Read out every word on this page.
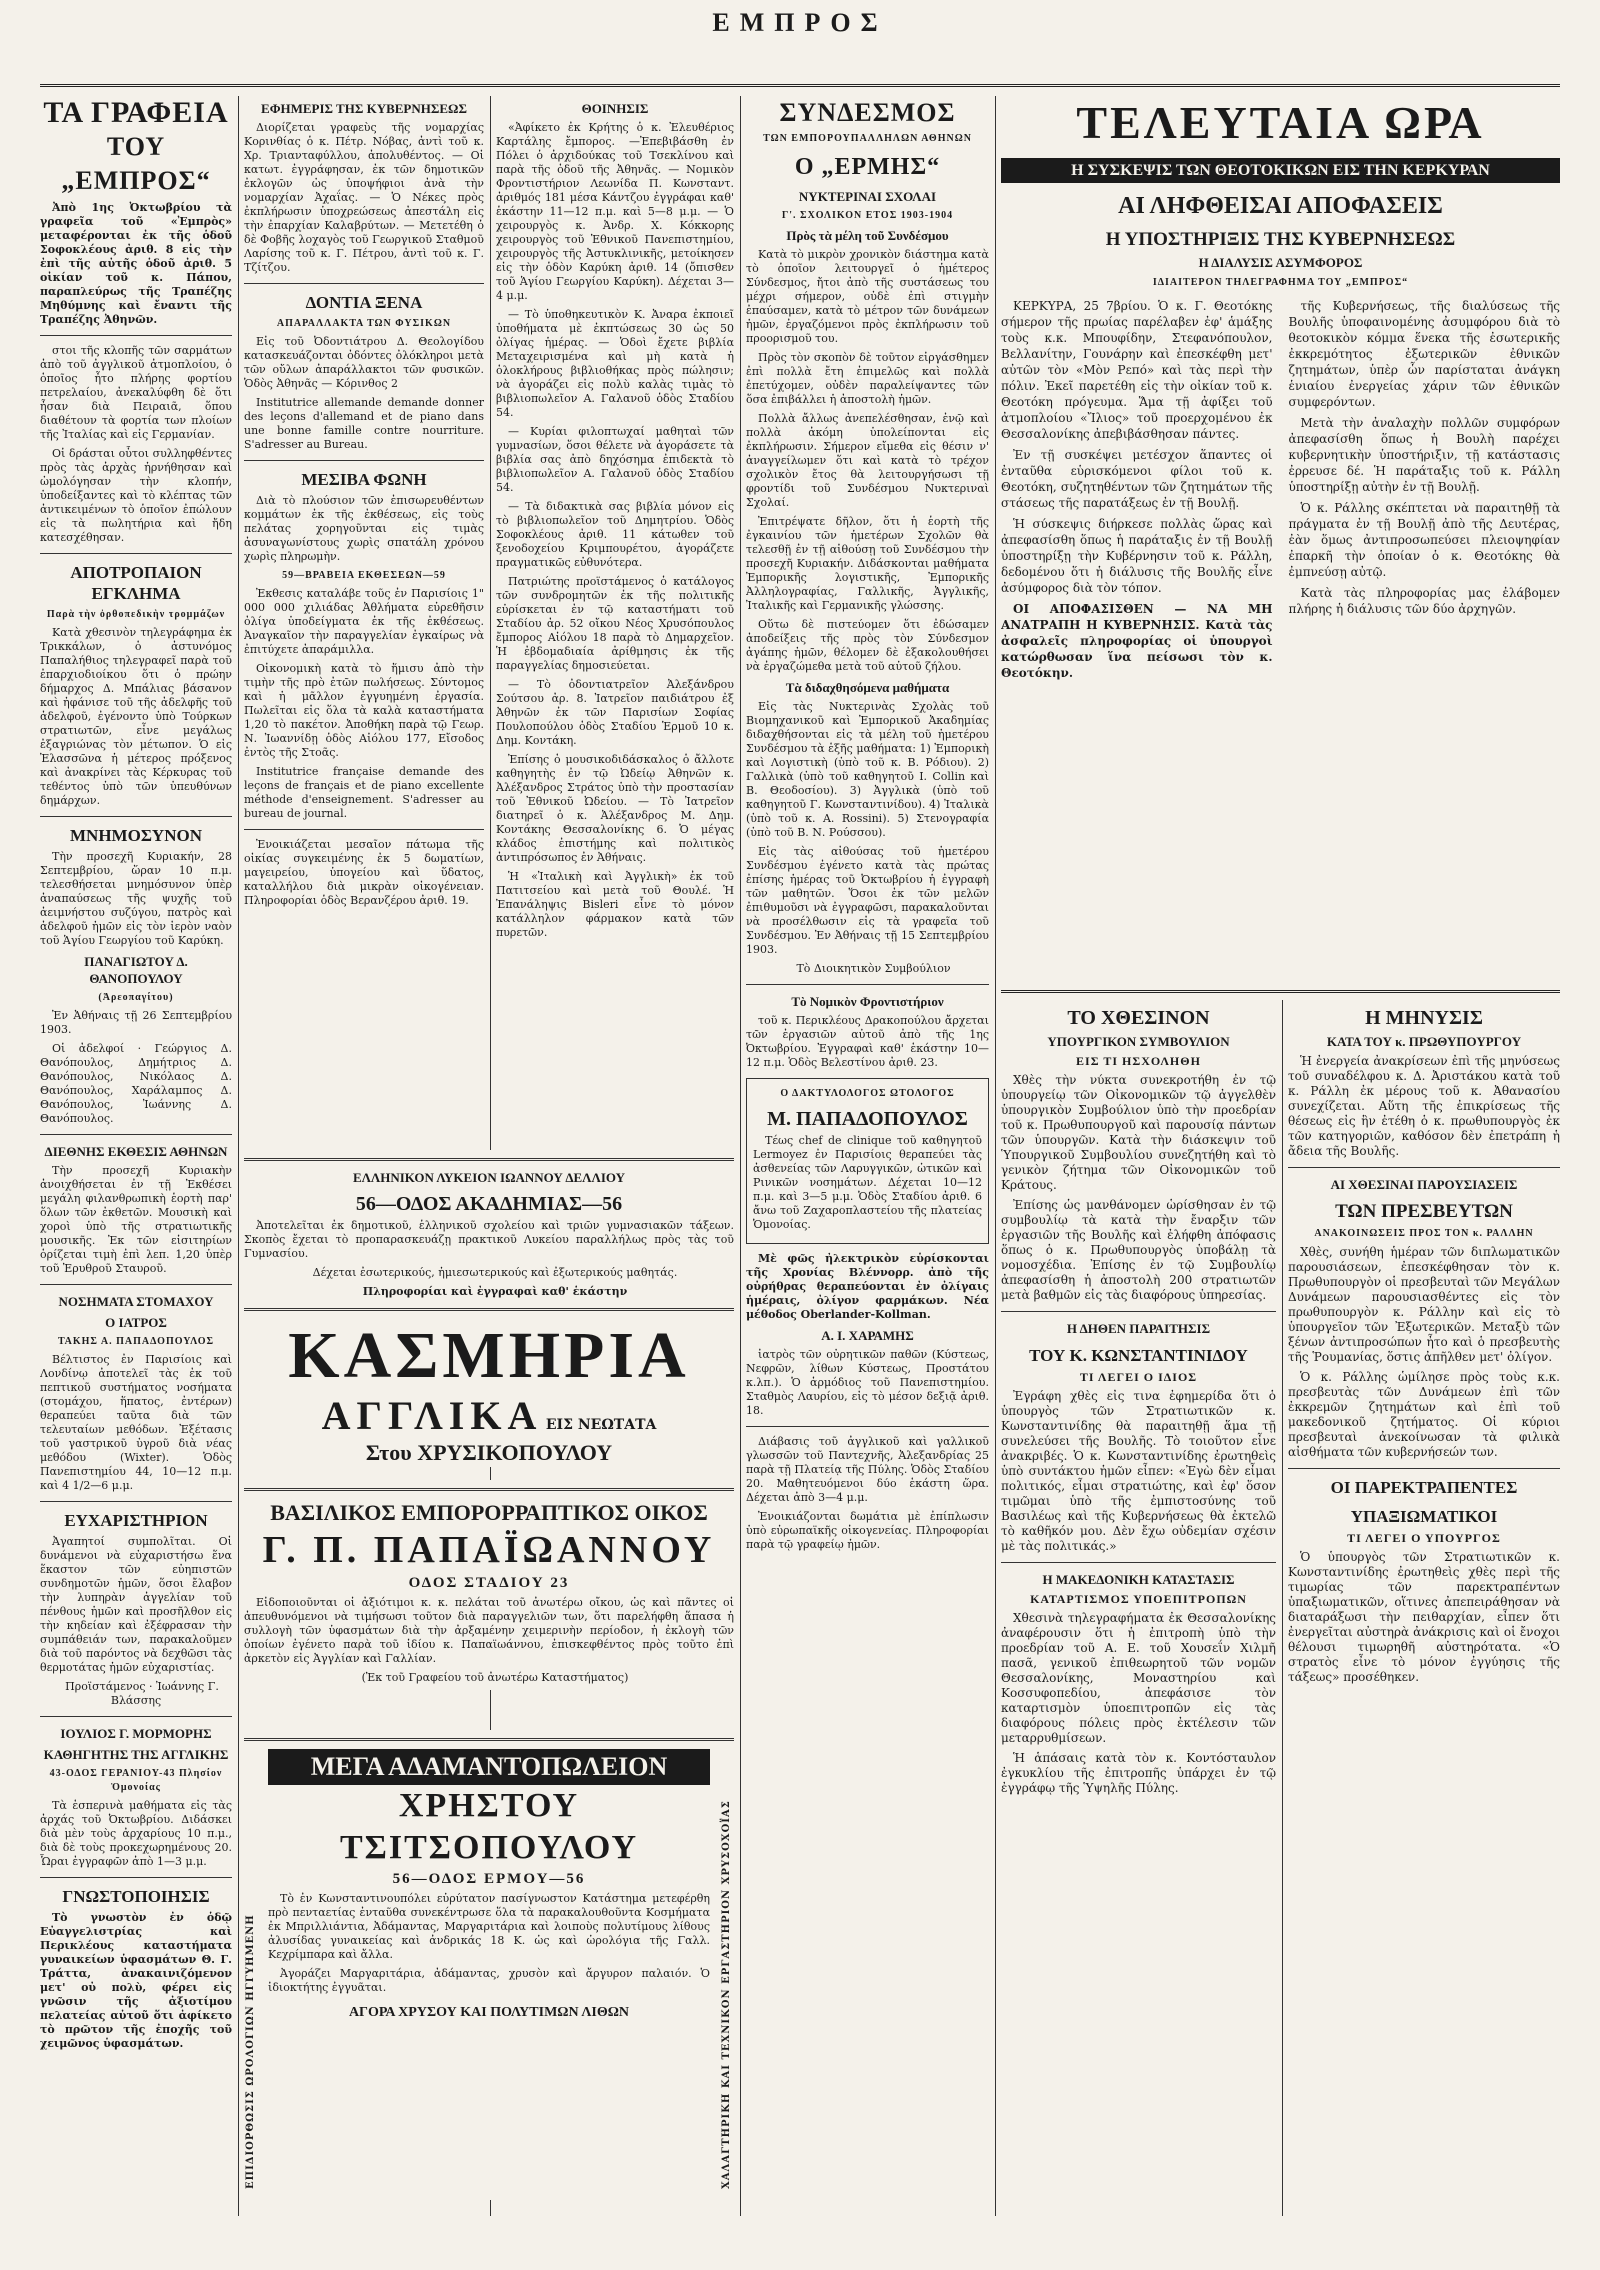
ΕΜΠΡΟΣ
ΤΑ ΓΡΑΦΕΙΑ
ΤΟΥ „ΕΜΠΡΟΣ“

Ἀπὸ 1ης Ὀκτωβρίου τὰ γραφεῖα τοῦ «Ἐμπρὸς» μεταφέρονται ἐκ τῆς ὁδοῦ Σοφοκλέους ἀριθ. 8 εἰς τὴν ἐπὶ τῆς αὐτῆς ὁδοῦ ἀριθ. 5 οἰκίαν τοῦ κ. Πάπου, παραπλεύρως τῆς Τραπέζης Μηθύμνης καὶ ἔναντι τῆς Τραπέζης Ἀθηνῶν.

στοι τῆς κλοπῆς τῶν σαρμάτων ἀπὸ τοῦ ἀγγλικοῦ ἀτμοπλοίου, ὁ ὁποῖος ἦτο πλήρης φορτίου πετρελαίου, ἀνεκαλύφθη δὲ ὅτι ἦσαν διὰ Πειραιᾶ, ὅπου διαθέτουν τὰ φορτία των πλοίων τῆς Ἰταλίας καὶ εἰς Γερμανίαν.

Οἱ δράσται οὗτοι συλληφθέντες πρὸς τὰς ἀρχὰς ἡρνήθησαν καὶ ὡμολόγησαν τὴν κλοπήν, ὑποδείξαντες καὶ τὸ κλέπτας τῶν ἀντικειμένων τὸ ὁποῖον ἐπώλουν εἰς τὰ πωλητήρια καὶ ἤδη κατεσχέθησαν.

ΑΠΟΤΡΟΠΑΙΟΝ ΕΓΚΛΗΜΑ
Παρὰ τὴν ὀρθοπεδικὴν τρομμάζων

Κατὰ χθεσινὸν τηλεγράφημα ἐκ Τρικκάλων, ὁ ἀστυνόμος Παπαλήθιος τηλεγραφεῖ παρὰ τοῦ ἐπαρχιοδιοίκου ὅτι ὁ πρώην δήμαρχος Δ. Μπάλιας βάσανον καὶ ἠφάνισε τοῦ τῆς ἀδελφῆς τοῦ ἀδελφοῦ, ἐγένοντο ὑπὸ Τούρκων στρατιωτῶν, εἶνε μεγάλως ἐξαγριώνας τὸν μέτωπον. Ὁ εἰς Ἐλασσῶνα ἡ μέτερος πρόξενος καὶ ἀνακρίνει τὰς Κέρκυρας τοῦ τεθέντος ὑπὸ τῶν ὑπευθύνων δημάρχων.

ΜΝΗΜΟΣΥΝΟΝ

Τὴν προσεχῆ Κυριακήν, 28 Σεπτεμβρίου, ὥραν 10 π.μ. τελεσθήσεται μνημόσυνον ὑπὲρ ἀναπαύσεως τῆς ψυχῆς τοῦ ἀειμνήστου συζύγου, πατρὸς καὶ ἀδελφοῦ ἡμῶν εἰς τὸν ἱερὸν ναὸν τοῦ Ἁγίου Γεωργίου τοῦ Καρύκη.

ΠΑΝΑΓΙΩΤΟΥ Δ. ΘΑΝΟΠΟΥΛΟΥ
(Ἀρεοπαγίτου)

Ἐν Ἀθήναις τῇ 26 Σεπτεμβρίου 1903.

Οἱ ἀδελφοί · Γεώργιος Δ. Θανόπουλος, Δημήτριος Δ. Θανόπουλος, Νικόλαος Δ. Θανόπουλος, Χαράλαμπος Δ. Θανόπουλος, Ἰωάννης Δ. Θανόπουλος.

ΔΙΕΘΝΗΣ ΕΚΘΕΣΙΣ ΑΘΗΝΩΝ

Τὴν προσεχῆ Κυριακὴν ἀνοιχθήσεται ἐν τῇ Ἐκθέσει μεγάλη φιλανθρωπικὴ ἑορτὴ παρ' ὅλων τῶν ἐκθετῶν. Μουσικὴ καὶ χοροὶ ὑπὸ τῆς στρατιωτικῆς μουσικῆς. Ἐκ τῶν εἰσιτηρίων ὁρίζεται τιμὴ ἐπὶ λεπ. 1,20 ὑπὲρ τοῦ Ἐρυθροῦ Σταυροῦ.

ΝΟΣΗΜΑΤΑ ΣΤΟΜΑΧΟΥ
Ο ΙΑΤΡΟΣ
ΤΑΚΗΣ Α. ΠΑΠΑΔΟΠΟΥΛΟΣ

Βέλτιστος ἐν Παρισίοις καὶ Λονδίνῳ ἀποτελεῖ τὰς ἐκ τοῦ πεπτικοῦ συστήματος νοσήματα (στομάχου, ἥπατος, ἐντέρων) θεραπεύει ταῦτα διὰ τῶν τελευταίων μεθόδων. Ἐξέτασις τοῦ γαστρικοῦ ὑγροῦ διὰ νέας μεθόδου (Wixter). Ὁδὸς Πανεπιστημίου 44, 10—12 π.μ. καὶ 4 1/2—6 μ.μ.

ΕΥΧΑΡΙΣΤΗΡΙΟΝ

Ἀγαπητοί συμπολῖται. Οἱ δυνάμενοι νὰ εὐχαριστήσω ἕνα ἕκαστον τῶν εὐηπιστῶν συνδημοτῶν ἡμῶν, ὅσοι ἔλαβον τὴν λυπηρὰν ἀγγελίαν τοῦ πένθους ἡμῶν καὶ προσῆλθον εἰς τὴν κηδείαν καὶ ἐξέφρασαν τὴν συμπάθειάν των, παρακαλοῦμεν διὰ τοῦ παρόντος νὰ δεχθῶσι τὰς θερμοτάτας ἡμῶν εὐχαριστίας.

Προϊστάμενος · Ἰωάννης Γ. Βλάσσης

ΙΟΥΛΙΟΣ Γ. ΜΟΡΜΟΡΗΣ
ΚΑΘΗΓΗΤΗΣ ΤΗΣ ΑΓΓΛΙΚΗΣ
43-ΟΔΟΣ ΓΕΡΑΝΙΟΥ-43 Πλησίον Ὁμονοίας

Τὰ ἑσπερινὰ μαθήματα εἰς τὰς ἀρχάς τοῦ Ὀκτωβρίου. Διδάσκει διὰ μὲν τοὺς ἀρχαρίους 10 π.μ., διὰ δὲ τοὺς προκεχωρημένους 20. Ὧραι ἐγγραφῶν ἀπὸ 1—3 μ.μ.

ΓΝΩΣΤΟΠΟΙΗΣΙΣ

Τὸ γνωστὸν ἐν ὁδῷ Εὐαγγελιστρίας καὶ Περικλέους καταστήματα γυναικείων ὑφασμάτων Θ. Γ. Τράττα, ἀνακαινιζόμενον μετ' οὐ πολὺ, φέρει εἰς γνῶσιν τῆς ἀξιοτίμου πελατείας αὐτοῦ ὅτι ἀφίκετο τὸ πρῶτον τῆς ἐποχῆς τοῦ χειμῶνος ὑφασμάτων.

ΕΦΗΜΕΡΙΣ ΤΗΣ ΚΥΒΕΡΝΗΣΕΩΣ

Διορίζεται γραφεὺς τῆς νομαρχίας Κορινθίας ὁ κ. Πέτρ. Νόβας, ἀντὶ τοῦ κ. Χρ. Τριανταφύλλου, ἀπολυθέντος. — Οἱ κατωτ. ἐγγράφησαν, ἐκ τῶν δημοτικῶν ἐκλογῶν ὡς ὑποψήφιοι ἀνὰ τὴν νομαρχίαν Ἀχαΐας. — Ὁ Νέκες πρὸς ἐκπλήρωσιν ὑποχρεώσεως ἀπεστάλη εἰς τὴν ἐπαρχίαν Καλαβρύτων. — Μετετέθη ὁ δὲ Φοβῆς λοχαγὸς τοῦ Γεωργικοῦ Σταθμοῦ Λαρίσης τοῦ κ. Γ. Πέτρου, ἀντὶ τοῦ κ. Γ. Τζίτζου.

ΔΟΝΤΙΑ ΞΕΝΑ
ΑΠΑΡΑΛΛΑΚΤΑ ΤΩΝ ΦΥΣΙΚΩΝ

Εἰς τοῦ Ὀδοντιάτρου Δ. Θεολογίδου κατασκευάζονται ὀδόντες ὀλόκληροι μετὰ τῶν οὔλων ἀπαράλλακτοι τῶν φυσικῶν. Ὁδὸς Ἀθηνᾶς — Κόρινθος 2

Institutrice allemande demande donner des leçons d'allemand et de piano dans une bonne famille contre nourriture. S'adresser au Bureau.

ΜΕΣΙΒΑ ΦΩΝΗ

Διὰ τὸ πλούσιον τῶν ἐπισωρευθέντων κομμάτων ἐκ τῆς ἐκθέσεως, εἰς τοὺς πελάτας χορηγοῦνται εἰς τιμὰς ἀσυναγωνίστους χωρὶς σπατάλη χρόνου χωρὶς πληρωμὴν.

59—ΒΡΑΒΕΙΑ ΕΚΘΕΣΕΩΝ—59

Ἐκθεσις καταλάβε τοῦς ἐν Παρισίοις 1" 000 000 χιλιάδας Ἀθλήματα εὐρεθῆσιν ὀλίγα ὑποδείγματα ἐκ τῆς ἐκθέσεως. Ἀναγκαῖον τὴν παραγγελίαν ἐγκαίρως νὰ ἐπιτύχετε ἀπαράμιλλα.

Οἰκονομικὴ κατὰ τὸ ἥμισυ ἀπὸ τὴν τιμὴν τῆς πρὸ ἐτῶν πωλήσεως. Σύντομος καὶ ἡ μᾶλλον ἐγγυημένη ἐργασία. Πωλεῖται εἰς ὅλα τὰ καλὰ καταστήματα 1,20 τὸ πακέτον. Ἀποθήκη παρὰ τῷ Γεωρ. Ν. Ἰωαννίδῃ ὁδὸς Αἰόλου 177, Εἴσοδος ἐντὸς τῆς Στοᾶς.

Institutrice française demande des leçons de français et de piano excellente méthode d'enseignement. S'adresser au bureau de journal.

Ἐνοικιάζεται μεσαῖον πάτωμα τῆς οἰκίας συγκειμένης ἐκ 5 δωματίων, μαγειρείου, ὑπογείου καὶ ὕδατος, καταλλήλου διὰ μικρὰν οἰκογένειαν. Πληροφορίαι ὁδὸς Βερανζέρου ἀριθ. 19.

ΘΟΙΝΗΣΙΣ

«Ἀφίκετο ἐκ Κρήτης ὁ κ. Ἐλευθέριος Καρτάλης ἔμπορος. —Ἐπεβιβάσθη ἐν Πόλει ὁ ἀρχιδούκας τοῦ Τσεκλίνου καὶ παρὰ τῆς ὁδοῦ τῆς Ἀθηνᾶς. — Νομικὸν Φροντιστήριον Λεωνίδα Π. Κωνσταντ. ἀριθμός 181 μέσα Κάντζου ἐγγράφαι καθ' ἑκάστην 11—12 π.μ. καὶ 5—8 μ.μ. — Ὁ χειρουργὸς κ. Ἀνδρ. Χ. Κόκκορης χειρουργὸς τοῦ Ἑθνικοῦ Πανεπιστημίου, χειρουργὸς τῆς Ἀστυκλινικῆς, μετοίκησεν εἰς τὴν ὁδὸν Καρύκη ἀριθ. 14 (ὄπισθεν τοῦ Ἁγίου Γεωργίου Καρύκη). Δέχεται 3—4 μ.μ.

— Τὸ ὑποθηκευτικὸν Κ. Ἀναρα ἐκποιεῖ ὑποθήματα μὲ ἐκπτώσεως 30 ὡς 50 ὀλίγας ἡμέρας. — Ὁδοὶ ἔχετε βιβλία Μεταχειρισμένα καὶ μὴ κατὰ ἡ ὁλοκλήρους βιβλιοθήκας πρὸς πώλησιν; νὰ ἀγοράζει εἰς πολὺ καλὰς τιμὰς τὸ βιβλιοπωλεῖον Α. Γαλανοῦ ὁδὸς Σταδίου 54.

— Κυρίαι φιλοπτωχαί μαθηταὶ τῶν γυμνασίων, ὅσοι θέλετε νὰ ἀγοράσετε τὰ βιβλία σας ἀπὸ δηχόσημα ἐπιδεκτὰ τὸ βιβλιοπωλεῖον Α. Γαλανοῦ ὁδὸς Σταδίου 54.

— Τὰ διδακτικὰ σας βιβλία μόνον εἰς τὸ βιβλιοπωλεῖον τοῦ Δημητρίου. Ὁδὸς Σοφοκλέους ἀριθ. 11 κάτωθεν τοῦ ξενοδοχείου Κριμπουρέτου, ἀγοράζετε πραγματικῶς εὐθυνότερα.

Πατριώτης προϊστάμενος ὁ κατάλογος τῶν συνδρομητῶν ἐκ τῆς πολιτικῆς εὐρίσκεται ἐν τῷ καταστήματι τοῦ Σταδίου ἀρ. 52 οἴκου Νέος Χρυσόπουλος ἔμπορος Αἰόλου 18 παρὰ τὸ Δημαρχεῖον. Ἡ ἐβδομαδιαία ἀρίθμησις ἐκ τῆς παραγγελίας δημοσιεύεται.

— Τὸ ὀδοντιατρεῖον Ἀλεξάνδρου Σούτσου ἀρ. 8. Ἰατρεῖον παιδιάτρου ἐξ Ἀθηνῶν ἐκ τῶν Παρισίων Σοφίας Πουλοπούλου ὁδὸς Σταδίου Ἑρμοῦ 10 κ. Δημ. Κοντάκη.

Ἐπίσης ὁ μουσικοδιδάσκαλος ὁ ἄλλοτε καθηγητὴς ἐν τῷ Ὠδείῳ Ἀθηνῶν κ. Ἀλέξανδρος Στράτος ὑπὸ τὴν προστασίαν τοῦ Ἐθνικοῦ Ὠδείου. — Τὸ Ἰατρεῖον διατηρεῖ ὁ κ. Ἀλέξανδρος Μ. Δημ. Κοντάκης Θεσσαλονίκης 6. Ὁ μέγας κλάδος ἐπιστήμης καὶ πολιτικὸς ἀντιπρόσωπος ἐν Ἀθήναις.

Ἡ «Ἰταλικὴ καὶ Ἀγγλικὴ» ἐκ τοῦ Πατιτσείου καὶ μετὰ τοῦ Θουλέ. Ἡ Ἐπανάληψις Bisleri εἶνε τὸ μόνον κατάλληλον φάρμακον κατὰ τῶν πυρετῶν.

ΕΛΛΗΝΙΚΟΝ ΛΥΚΕΙΟΝ ΙΩΑΝΝΟΥ ΔΕΛΛΙΟΥ
56—ΟΔΟΣ ΑΚΑΔΗΜΙΑΣ—56

Ἀποτελεῖται ἐκ δημοτικοῦ, ἑλληνικοῦ σχολείου καὶ τριῶν γυμνασιακῶν τάξεων. Σκοπὸς ἔχεται τὸ προπαρασκευάζῃ πρακτικοῦ Λυκείου παραλλήλως πρὸς τὰς τοῦ Γυμνασίου.

Δέχεται ἐσωτερικούς, ἡμιεσωτερικούς καὶ ἐξωτερικούς μαθητάς.

Πληροφορίαι καὶ ἐγγραφαὶ καθ' ἑκάστην

ΚΑΣΜΗΡΙΑ
ΑΓΓΛΙΚΑ ΕΙΣ ΝΕΩΤΑΤΑ
Στου ΧΡΥΣΙΚΟΠΟΥΛΟΥ
ΒΑΣΙΛΙΚΟΣ ΕΜΠΟΡΟΡΡΑΠΤΙΚΟΣ ΟΙΚΟΣ
Γ. Π. ΠΑΠΑΪΩΑΝΝΟΥ
ΟΔΟΣ ΣΤΑΔΙΟΥ 23

Εἰδοποιοῦνται οἱ ἀξιότιμοι κ. κ. πελάται τοῦ ἀνωτέρω οἴκου, ὡς καὶ πᾶντες οἱ ἀπευθυνόμενοι νὰ τιμήσωσι τοῦτον διὰ παραγγελιῶν των, ὅτι παρελήφθη ἅπασα ἡ συλλογὴ τῶν ὑφασμάτων διὰ τὴν ἀρξαμένην χειμερινὴν περίοδον, ἡ ἐκλογὴ τῶν ὁποίων ἐγένετο παρὰ τοῦ ἰδίου κ. Παπαϊωάννου, ἐπισκεφθέντος πρὸς τοῦτο ἐπὶ ἀρκετὸν εἰς Ἀγγλίαν καὶ Γαλλίαν.

(Ἐκ τοῦ Γραφείου τοῦ ἀνωτέρω Καταστήματος)

ΕΠΙΔΙΟΡΘΩΣΙΣ ΩΡΟΛΟΓΙΩΝ ΗΓΓΥΗΜΕΝΗ	ΧΑΛΑΓΤΗΡΙΚΗ ΚΑΙ ΤΕΧΝΙΚΟΝ ΕΡΓΑΣΤΗΡΙΟΝ ΧΡΥΣΟΧΟΪΑΣ
ΜΕΓΑ ΑΔΑΜΑΝΤΟΠΩΛΕΙΟΝ
ΧΡΗΣΤΟΥ ΤΣΙΤΣΟΠΟΥΛΟΥ
56—ΟΔΟΣ ΕΡΜΟΥ—56

Τὸ ἐν Κωνσταντινουπόλει εὐρύτατον πασίγνωστον Κατάστημα μετεφέρθη πρὸ πενταετίας ἐνταῦθα συνεκέντρωσε ὅλα τὰ παρακαλουθοῦντα Κοσμήματα ἐκ Μπριλλιάντια, Ἀδάμαντας, Μαργαριτάρια καὶ λοιποὺς πολυτίμους λίθους ἀλυσίδας γυναικείας καὶ ἀνδρικάς 18 Κ. ὡς καὶ ὡρολόγια τῆς Γαλλ. Κεχρίμπαρα καὶ ἄλλα.

Ἀγοράζει Μαργαριτάρια, ἀδάμαντας, χρυσὸν καὶ ἄργυρον παλαιόν. Ὁ ἰδιοκτήτης ἐγγυᾶται.

ΑΓΟΡΑ ΧΡΥΣΟΥ ΚΑΙ ΠΟΛΥΤΙΜΩΝ ΛΙΘΩΝ
ΣΥΝΔΕΣΜΟΣ
ΤΩΝ ΕΜΠΟΡΟΥΠΑΛΛΗΛΩΝ ΑΘΗΝΩΝ
Ο „ΕΡΜΗΣ“
ΝΥΚΤΕΡΙΝΑΙ ΣΧΟΛΑΙ
Γ'. ΣΧΟΛΙΚΟΝ ΕΤΟΣ 1903-1904
Πρὸς τὰ μέλη τοῦ Συνδέσμου

Κατὰ τὸ μικρὸν χρονικὸν διάστημα κατὰ τὸ ὁποῖον λειτουργεῖ ὁ ἡμέτερος Σύνδεσμος, ἤτοι ἀπὸ τῆς συστάσεως του μέχρι σήμερον, οὐδὲ ἐπὶ στιγμὴν ἐπαύσαμεν, κατὰ τὸ μέτρον τῶν δυνάμεων ἡμῶν, ἐργαζόμενοι πρὸς ἐκπλήρωσιν τοῦ προορισμοῦ του.

Πρὸς τὸν σκοπὸν δὲ τοῦτον εἰργάσθημεν ἐπὶ πολλὰ ἔτη ἐπιμελῶς καὶ πολλὰ ἐπετύχομεν, οὐδὲν παραλείψαντες τῶν ὅσα ἐπιβάλλει ἡ ἀποστολὴ ἡμῶν.

Πολλὰ ἄλλως ἀνεπελέσθησαν, ἐνῷ καὶ πολλὰ ἀκόμη ὑπολείπονται εἰς ἐκπλήρωσιν. Σήμερον εἴμεθα εἰς θέσιν ν' ἀναγγείλωμεν ὅτι καὶ κατὰ τὸ τρέχον σχολικὸν ἔτος θὰ λειτουργήσωσι τῇ φροντίδι τοῦ Συνδέσμου Νυκτεριναὶ Σχολαί.

Ἐπιτρέψατε δῆλον, ὅτι ἡ ἑορτὴ τῆς ἐγκαινίου τῶν ἡμετέρων Σχολῶν θὰ τελεσθῇ ἐν τῇ αἰθούσῃ τοῦ Συνδέσμου τὴν προσεχῆ Κυριακήν. Διδάσκονται μαθήματα Ἐμπορικῆς λογιστικῆς, Ἐμπορικῆς Ἀλληλογραφίας, Γαλλικῆς, Ἀγγλικῆς, Ἰταλικῆς καὶ Γερμανικῆς γλώσσης.

Οὕτω δὲ πιστεύομεν ὅτι ἐδώσαμεν ἀποδείξεις τῆς πρὸς τὸν Σύνδεσμον ἀγάπης ἡμῶν, θέλομεν δὲ ἐξακολουθήσει νὰ ἐργαζώμεθα μετὰ τοῦ αὐτοῦ ζήλου.

Τὰ διδαχθησόμενα μαθήματα

Εἰς τὰς Νυκτερινὰς Σχολὰς τοῦ Βιομηχανικοῦ καὶ Ἐμπορικοῦ Ἀκαδημίας διδαχθήσονται εἰς τὰ μέλη τοῦ ἡμετέρου Συνδέσμου τὰ ἑξῆς μαθήματα: 1) Ἐμπορικὴ καὶ Λογιστικὴ (ὑπὸ τοῦ κ. Β. Ρόδιου). 2) Γαλλικὰ (ὑπὸ τοῦ καθηγητοῦ Ι. Collin καὶ Β. Θεοδοσίου). 3) Ἀγγλικὰ (ὑπὸ τοῦ καθηγητοῦ Γ. Κωνσταντινίδου). 4) Ἰταλικὰ (ὑπὸ τοῦ κ. A. Rossini). 5) Στενογραφία (ὑπὸ τοῦ Β. Ν. Ρούσσου).

Εἰς τὰς αἰθούσας τοῦ ἡμετέρου Συνδέσμου ἐγένετο κατὰ τὰς πρώτας ἐπίσης ἡμέρας τοῦ Ὀκτωβρίου ἡ ἐγγραφὴ τῶν μαθητῶν. Ὅσοι ἐκ τῶν μελῶν ἐπιθυμοῦσι νὰ ἐγγραφῶσι, παρακαλοῦνται νὰ προσέλθωσιν εἰς τὰ γραφεῖα τοῦ Συνδέσμου. Ἐν Ἀθήναις τῇ 15 Σεπτεμβρίου 1903.

Τὸ Διοικητικὸν Συμβούλιον

Τὸ Νομικὸν Φροντιστήριον

τοῦ κ. Περικλέους Δρακοπούλου ἄρχεται τῶν ἐργασιῶν αὐτοῦ ἀπὸ τῆς 1ης Ὀκτωβρίου. Ἐγγραφαὶ καθ' ἑκάστην 10—12 π.μ. Ὁδὸς Βελεστίνου ἀριθ. 23.

Ο ΔΑΚΤΥΛΟΛΟΓΟΣ ΩΤΟΛΟΓΟΣ
Μ. ΠΑΠΑΔΟΠΟΥΛΟΣ

Τέως chef de clinique τοῦ καθηγητοῦ Lermoyez ἐν Παρισίοις θεραπεύει τὰς ἀσθενείας τῶν Λαρυγγικῶν, ὠτικῶν καὶ Ρινικῶν νοσημάτων. Δέχεται 10—12 π.μ. καὶ 3—5 μ.μ. Ὁδὸς Σταδίου ἀριθ. 6 ἄνω τοῦ Ζαχαροπλαστείου τῆς πλατείας Ὁμονοίας.

Μὲ φῶς ἠλεκτρικὸν εὑρίσκονται τῆς Χρονίας Βλέννορρ. ἀπὸ τῆς οὐρήθρας θεραπεύονται ἐν ὀλίγαις ἡμέραις, ὀλίγον φαρμάκων. Νέα μέθοδος Oberlander-Kollman.

Α. Ι. ΧΑΡΑΜΗΣ

ἰατρὸς τῶν οὐρητικῶν παθῶν (Κύστεως, Νεφρῶν, λίθων Κύστεως, Προστάτου κ.λπ.). Ὁ ἁρμόδιος τοῦ Πανεπιστημίου. Σταθμὸς Λαυρίου, εἰς τὸ μέσον δεξιᾷ ἀριθ. 18.

Διάβασις τοῦ ἀγγλικοῦ καὶ γαλλικοῦ γλωσσῶν τοῦ Παντεχνῆς, Ἀλεξανδρίας 25 παρὰ τῇ Πλατείᾳ τῆς Πύλης. Ὁδὸς Σταδίου 20. Μαθητευόμενοι δύο ἑκάστη ὥρα. Δέχεται ἀπὸ 3—4 μ.μ.

Ἐνοικιάζονται δωμάτια μὲ ἐπίπλωσιν ὑπὸ εὐρωπαϊκῆς οἰκογενείας. Πληροφορίαι παρὰ τῷ γραφείῳ ἡμῶν.

ΤΕΛΕΥΤΑΙΑ ΩΡΑ
Η ΣΥΣΚΕΨΙΣ ΤΩΝ ΘΕΟΤΟΚΙΚΩΝ ΕΙΣ ΤΗΝ ΚΕΡΚΥΡΑΝ
ΑΙ ΛΗΦΘΕΙΣΑΙ ΑΠΟΦΑΣΕΙΣ
Η ΥΠΟΣΤΗΡΙΞΙΣ ΤΗΣ ΚΥΒΕΡΝΗΣΕΩΣ
Η ΔΙΑΛΥΣΙΣ ΑΣΥΜΦΟΡΟΣ
ΙΔΙΑΙΤΕΡΟΝ ΤΗΛΕΓΡΑΦΗΜΑ ΤΟΥ „ΕΜΠΡΟΣ“

ΚΕΡΚΥΡΑ, 25 7βρίου. Ὁ κ. Γ. Θεοτόκης σήμερον τῆς πρωίας παρέλαβεν ἐφ' ἁμάξης τοὺς κ.κ. Μπουφίδην, Στεφανόπουλον, Βελλανίτην, Γουνάρην καὶ ἐπεσκέφθη μετ' αὐτῶν τὸν «Μὸν Ρεπό» καὶ τὰς περὶ τὴν πόλιν. Ἐκεῖ παρετέθη εἰς τὴν οἰκίαν τοῦ κ. Θεοτόκη πρόγευμα. Ἅμα τῇ ἀφίξει τοῦ ἀτμοπλοίου «Ἴλιος» τοῦ προερχομένου ἐκ Θεσσαλονίκης ἀπεβιβάσθησαν πάντες.

Ἐν τῇ συσκέψει μετέσχον ἅπαντες οἱ ἐνταῦθα εὑρισκόμενοι φίλοι τοῦ κ. Θεοτόκη, συζητηθέντων τῶν ζητημάτων τῆς στάσεως τῆς παρατάξεως ἐν τῇ Βουλῇ.

Ἡ σύσκεψις διήρκεσε πολλὰς ὥρας καὶ ἀπεφασίσθη ὅπως ἡ παράταξις ἐν τῇ Βουλῇ ὑποστηρίξῃ τὴν Κυβέρνησιν τοῦ κ. Ράλλη, δεδομένου ὅτι ἡ διάλυσις τῆς Βουλῆς εἶνε ἀσύμφορος διὰ τὸν τόπον.

ΟΙ ΑΠΟΦΑΣΙΣΘΕΝ — ΝΑ ΜΗ ΑΝΑΤΡΑΠΗ Η ΚΥΒΕΡΝΗΣΙΣ. Κατὰ τὰς ἀσφαλεῖς πληροφορίας οἱ ὑπουργοὶ κατώρθωσαν ἵνα πείσωσι τὸν κ. Θεοτόκην.

τῆς Κυβερνήσεως, τῆς διαλύσεως τῆς Βουλῆς ὑποφαινομένης ἀσυμφόρου διὰ τὸ θεοτοκικὸν κόμμα ἕνεκα τῆς ἐσωτερικῆς ἐκκρεμότητος ἐξωτερικῶν ἐθνικῶν ζητημάτων, ὑπὲρ ὧν παρίσταται ἀνάγκη ἑνιαίου ἐνεργείας χάριν τῶν ἐθνικῶν συμφερόντων.

Μετὰ τὴν ἀναλαχὴν πολλῶν συμφόρων ἀπεφασίσθη ὅπως ἡ Βουλὴ παρέχει κυβερνητικὴν ὑποστήριξιν, τῇ κατάστασις ἐρρευσε δέ. Ἡ παράταξις τοῦ κ. Ράλλη ὑποστηρίξῃ αὐτὴν ἐν τῇ Βουλῇ.

Ὁ κ. Ράλλης σκέπτεται νὰ παραιτηθῇ τὰ πράγματα ἐν τῇ Βουλῇ ἀπὸ τῆς Δευτέρας, ἐὰν ὅμως ἀντιπροσωπεύσει πλειοψηφίαν ἐπαρκῆ τὴν ὁποίαν ὁ κ. Θεοτόκης θὰ ἐμπνεύσῃ αὐτῷ.

Κατὰ τὰς πληροφορίας μας ἐλάβομεν πλήρης ἡ διάλυσις τῶν δύο ἀρχηγῶν.

ΤΟ ΧΘΕΣΙΝΟΝ
ΥΠΟΥΡΓΙΚΟΝ ΣΥΜΒΟΥΛΙΟΝ
ΕΙΣ ΤΙ ΗΣΧΟΛΗΘΗ

Χθὲς τὴν νύκτα συνεκροτήθη ἐν τῷ ὑπουργείῳ τῶν Οἰκονομικῶν τῷ ἀγγελθὲν ὑπουργικὸν Συμβούλιον ὑπὸ τὴν προεδρίαν τοῦ κ. Πρωθυπουργοῦ καὶ παρουσίᾳ πάντων τῶν ὑπουργῶν. Κατὰ τὴν διάσκεψιν τοῦ Ὑπουργικοῦ Συμβουλίου συνεζητήθη καὶ τὸ γενικὸν ζήτημα τῶν Οἰκονομικῶν τοῦ Κράτους.

Ἐπίσης ὡς μανθάνομεν ὡρίσθησαν ἐν τῷ συμβουλίῳ τὰ κατὰ τὴν ἔναρξιν τῶν ἐργασιῶν τῆς Βουλῆς καὶ ἐλήφθη ἀπόφασις ὅπως ὁ κ. Πρωθυπουργὸς ὑποβάλῃ τὰ νομοσχέδια. Ἐπίσης ἐν τῷ Συμβουλίῳ ἀπεφασίσθη ἡ ἀποστολὴ 200 στρατιωτῶν μετὰ βαθμῶν εἰς τὰς διαφόρους ὑπηρεσίας.

Η ΔΗΘΕΝ ΠΑΡΑΙΤΗΣΙΣ
ΤΟΥ Κ. ΚΩΝΣΤΑΝΤΙΝΙΔΟΥ
ΤΙ ΛΕΓΕΙ Ο ΙΔΙΟΣ

Ἐγράφη χθὲς εἰς τινα ἐφημερίδα ὅτι ὁ ὑπουργὸς τῶν Στρατιωτικῶν κ. Κωνσταντινίδης θὰ παραιτηθῇ ἅμα τῇ συνελεύσει τῆς Βουλῆς. Τὸ τοιοῦτον εἶνε ἀνακριβές. Ὁ κ. Κωνσταντινίδης ἐρωτηθεὶς ὑπὸ συντάκτου ἡμῶν εἶπεν: «Ἐγὼ δὲν εἶμαι πολιτικός, εἶμαι στρατιώτης, καὶ ἐφ' ὅσον τιμῶμαι ὑπὸ τῆς ἐμπιστοσύνης τοῦ Βασιλέως καὶ τῆς Κυβερνήσεως θὰ ἐκτελῶ τὸ καθῆκόν μου. Δὲν ἔχω οὐδεμίαν σχέσιν μὲ τὰς πολιτικάς.»

Η ΜΑΚΕΔΟΝΙΚΗ ΚΑΤΑΣΤΑΣΙΣ
ΚΑΤΑΡΤΙΣΜΟΣ ΥΠΟΕΠΙΤΡΟΠΩΝ

Χθεσινὰ τηλεγραφήματα ἐκ Θεσσαλονίκης ἀναφέρουσιν ὅτι ἡ ἐπιτροπὴ ὑπὸ τὴν προεδρίαν τοῦ Α. Ε. τοῦ Χουσεΐν Χιλμῆ πασᾶ, γενικοῦ ἐπιθεωρητοῦ τῶν νομῶν Θεσσαλονίκης, Μοναστηρίου καὶ Κοσσυφοπεδίου, ἀπεφάσισε τὸν καταρτισμὸν ὑποεπιτροπῶν εἰς τὰς διαφόρους πόλεις πρὸς ἐκτέλεσιν τῶν μεταρρυθμίσεων.

Ἡ ἁπάσαις κατὰ τὸν κ. Κοντόσταυλον ἐγκυκλίου τῆς ἐπιτροπῆς ὑπάρχει ἐν τῷ ἐγγράφῳ τῆς Ὑψηλῆς Πύλης.

Η ΜΗΝΥΣΙΣ
ΚΑΤΑ ΤΟΥ κ. ΠΡΩΘΥΠΟΥΡΓΟΥ

Ἡ ἐνεργεία ἀνακρίσεων ἐπὶ τῆς μηνύσεως τοῦ συναδέλφου κ. Δ. Ἀριστάκου κατὰ τοῦ κ. Ράλλη ἐκ μέρους τοῦ κ. Ἀθανασίου συνεχίζεται. Αὕτη τῆς ἐπικρίσεως τῆς θέσεως εἰς ἣν ἐτέθη ὁ κ. πρωθυπουργὸς ἐκ τῶν κατηγοριῶν, καθόσον δὲν ἐπετράπη ἡ ἄδεια τῆς Βουλῆς.

ΑΙ ΧΘΕΣΙΝΑΙ ΠΑΡΟΥΣΙΑΣΕΙΣ
ΤΩΝ ΠΡΕΣΒΕΥΤΩΝ
ΑΝΑΚΟΙΝΩΣΕΙΣ ΠΡΟΣ ΤΟΝ κ. ΡΑΛΛΗΝ

Χθὲς, συνήθη ἡμέραν τῶν διπλωματικῶν παρουσιάσεων, ἐπεσκέφθησαν τὸν κ. Πρωθυπουργὸν οἱ πρεσβευταὶ τῶν Μεγάλων Δυνάμεων παρουσιασθέντες εἰς τὸν πρωθυπουργὸν κ. Ράλλην καὶ εἰς τὸ ὑπουργεῖον τῶν Ἐξωτερικῶν. Μεταξὺ τῶν ξένων ἀντιπροσώπων ἦτο καὶ ὁ πρεσβευτὴς τῆς Ῥουμανίας, ὅστις ἀπῆλθεν μετ' ὀλίγον.

Ὁ κ. Ράλλης ὡμίλησε πρὸς τοὺς κ.κ. πρεσβευτὰς τῶν Δυνάμεων ἐπὶ τῶν ἐκκρεμῶν ζητημάτων καὶ ἐπὶ τοῦ μακεδονικοῦ ζητήματος. Οἱ κύριοι πρεσβευταὶ ἀνεκοίνωσαν τὰ φιλικὰ αἰσθήματα τῶν κυβερνήσεών των.

ΟΙ ΠΑΡΕΚΤΡΑΠΕΝΤΕΣ
ΥΠΑΞΙΩΜΑΤΙΚΟΙ
ΤΙ ΛΕΓΕΙ Ο ΥΠΟΥΡΓΟΣ

Ὁ ὑπουργὸς τῶν Στρατιωτικῶν κ. Κωνσταντινίδης ἐρωτηθεὶς χθὲς περὶ τῆς τιμωρίας τῶν παρεκτραπέντων ὑπαξιωματικῶν, οἵτινες ἀπεπειράθησαν νὰ διαταράξωσι τὴν πειθαρχίαν, εἶπεν ὅτι ἐνεργεῖται αὐστηρὰ ἀνάκρισις καὶ οἱ ἔνοχοι θέλουσι τιμωρηθῆ αὐστηρότατα. «Ὁ στρατὸς εἶνε τὸ μόνον ἐγγύησις τῆς τάξεως» προσέθηκεν.
